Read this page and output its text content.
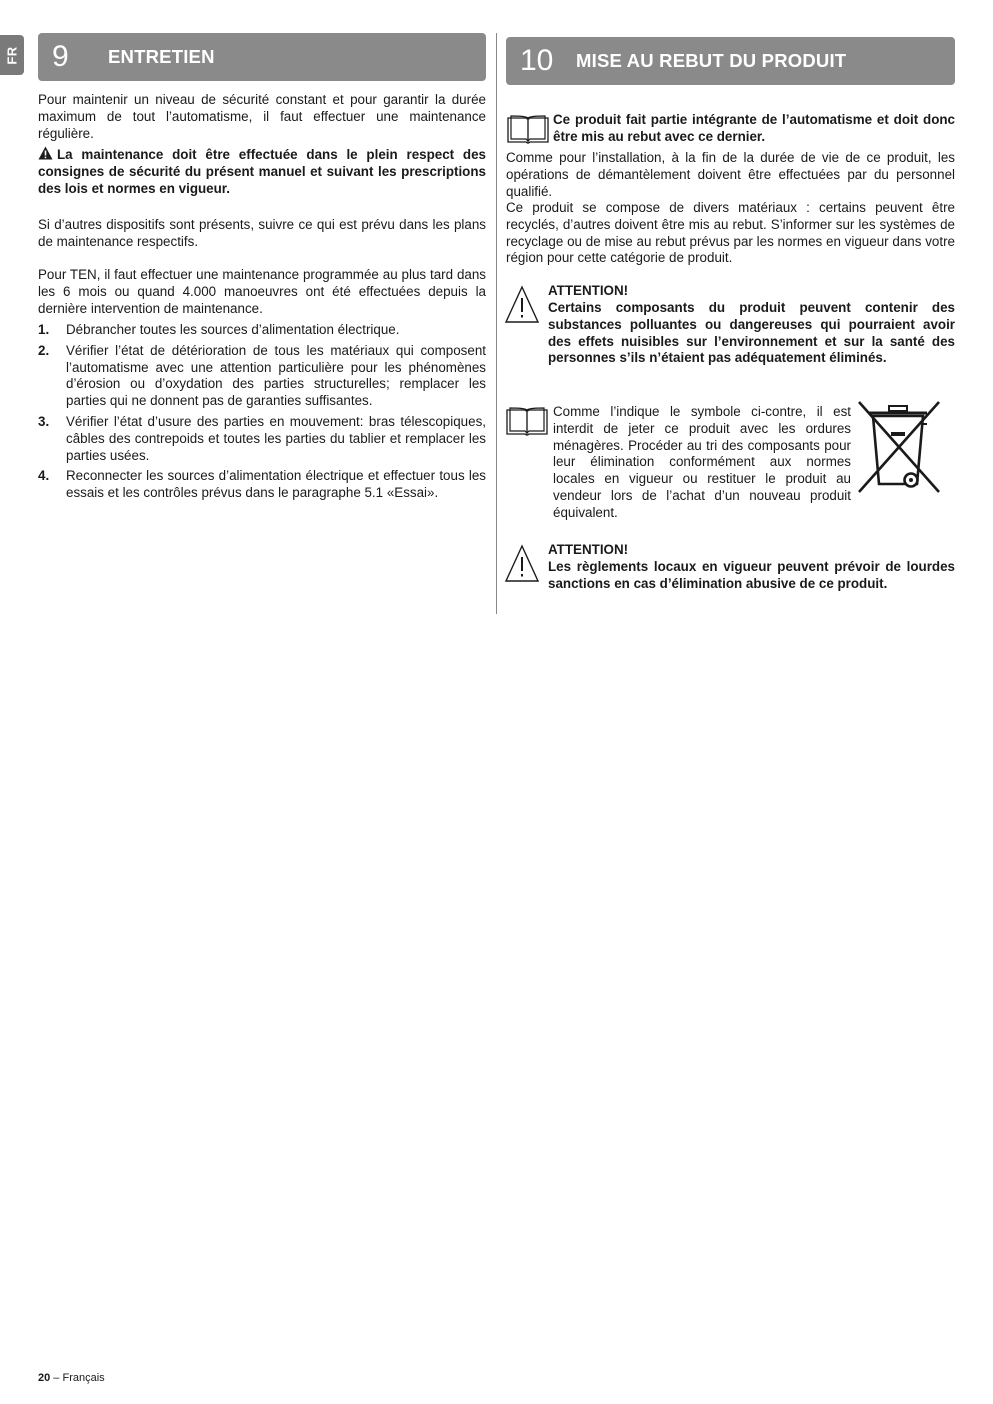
FR	9	ENTRETIEN
Pour maintenir un niveau de sécurité constant et pour garantir la durée maximum de tout l’automatisme, il faut effectuer une maintenance régulière.
La maintenance doit être effectuée dans le plein respect des consignes de sécurité du présent manuel et suivant les prescriptions des lois et normes en vigueur.
Si d’autres dispositifs sont présents, suivre ce qui est prévu dans les plans de maintenance respectifs.
Pour TEN, il faut effectuer une maintenance programmée au plus tard dans les 6 mois ou quand 4.000 manoeuvres ont été effectuées depuis la dernière intervention de maintenance.
1. Débrancher toutes les sources d’alimentation électrique.
2. Vérifier l’état de détérioration de tous les matériaux qui composent l’automatisme avec une attention particulière pour les phénomènes d’érosion ou d’oxydation des parties structurelles; remplacer les parties qui ne donnent pas de garanties suffisantes.
3. Vérifier l’état d’usure des parties en mouvement: bras télescopiques, câbles des contrepoids et toutes les parties du tablier et remplacer les parties usées.
4. Reconnecter les sources d’alimentation électrique et effectuer tous les essais et les contrôles prévus dans le paragraphe 5.1 «Essai».
10	MISE AU REBUT DU PRODUIT
Ce produit fait partie intégrante de l’automatisme et doit donc être mis au rebut avec ce dernier.
Comme pour l’installation, à la fin de la durée de vie de ce produit, les opérations de démantèlement doivent être effectuées par du personnel qualifié.
Ce produit se compose de divers matériaux : certains peuvent être recyclés, d’autres doivent être mis au rebut. S’informer sur les systèmes de recyclage ou de mise au rebut prévus par les normes en vigueur dans votre région pour cette catégorie de produit.
ATTENTION!
Certains composants du produit peuvent contenir des substances polluantes ou dangereuses qui pourraient avoir des effets nuisibles sur l’environnement et sur la santé des personnes s’ils n’étaient pas adéquatement éliminés.
Comme l’indique le symbole ci-contre, il est interdit de jeter ce produit avec les ordures ménagères. Procéder au tri des composants pour leur élimination conformément aux normes locales en vigueur ou restituer le produit au vendeur lors de l’achat d’un nouveau produit équivalent.
ATTENTION!
Les règlements locaux en vigueur peuvent prévoir de lourdes sanctions en cas d’élimination abusive de ce produit.
20 – Français
